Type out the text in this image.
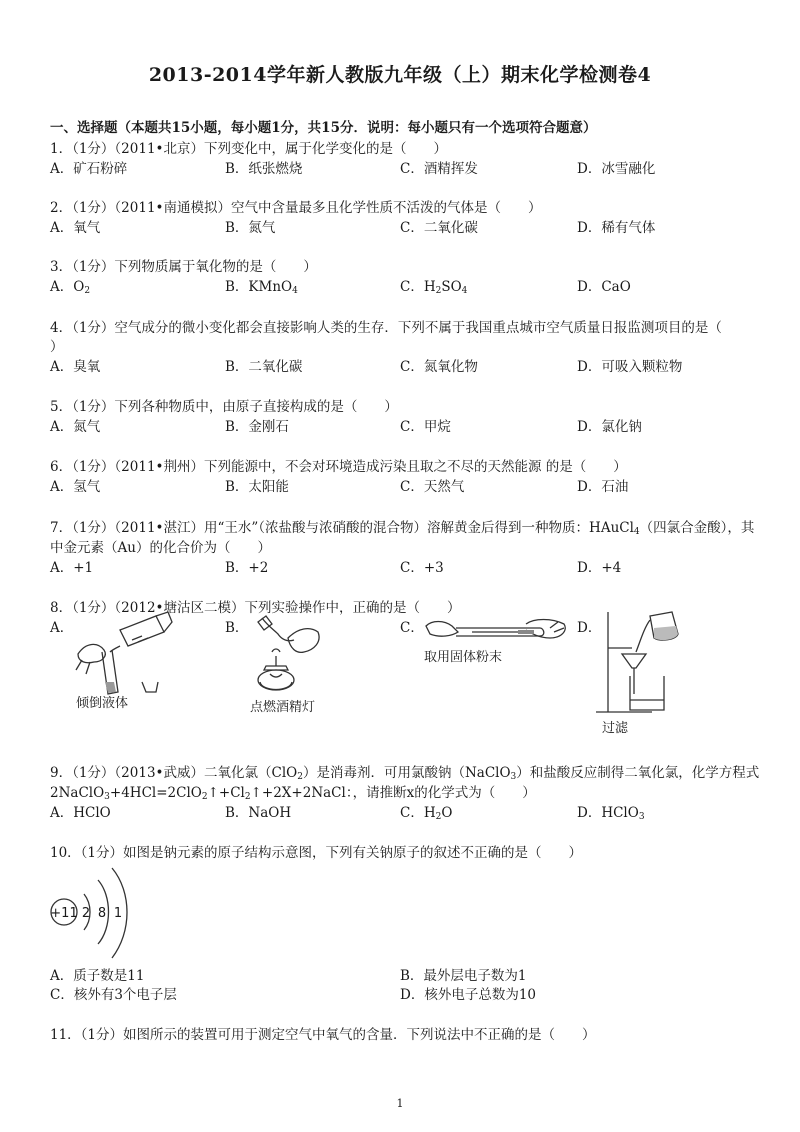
2013-2014学年新人教版九年级（上）期末化学检测卷4
一、选择题（本题共15小题，每小题1分，共15分．说明：每小题只有一个选项符合题意）
1．（1分）（2011•北京）下列变化中，属于化学变化的是（　　）
A．矿石粉碎	B．纸张燃烧	C．酒精挥发	D．冰雪融化
2．（1分）（2011•南通模拟）空气中含量最多且化学性质不活泼的气体是（　　）
A．氧气	B．氮气	C．二氧化碳	D．稀有气体
3．（1分）下列物质属于氧化物的是（　　）
A．$O_2$	B．KMnO$_4$	C．$H_2SO_4$	D．CaO
4．（1分）空气成分的微小变化都会直接影响人类的生存．下列不属于我国重点城市空气质量日报监测项目的是（
）
A．臭氧	B．二氧化碳	C．氮氧化物	D．可吸入颗粒物
5．（1分）下列各种物质中，由原子直接构成的是（　　）
A．氮气	B．金刚石	C．甲烷	D．氯化钠
6．（1分）（2011•荆州）下列能源中，不会对环境造成污染且取之不尽的天然能源 的是（　　）
A．氢气	B．太阳能	C．天然气	D．石油
7．（1分）（2011•湛江）用“王水”（浓盐酸与浓硝酸的混合物）溶解黄金后得到一种物质：HAuCl$_4$（四氯合金酸），其
中金元素（Au）的化合价为（　　）
A．+1	B．+2	C．+3	D．+4
8．（1分）（2012•塘沽区二模）下列实验操作中，正确的是（　　）
A．	B．	C．	D．
倾倒液体	点燃酒精灯
取用固体粉末
过滤
9．（1分）（2013•武威）二氧化氯（ClO$_2$）是消毒剂．可用氯酸钠（NaClO$_3$）和盐酸反应制得二氧化氯，化学方程式
$2NaClO_3+4HCl=2ClO_2↑+Cl_2↑+2X+2NaCl$：，请推断x的化学式为（　　）
A．HClO	B．NaOH	C．$H_2O$	D．HClO$_3$
10．（1分）如图是钠元素的原子结构示意图，下列有关钠原子的叙述不正确的是（　　）
+11 2 8 1
A．质子数是11	B．最外层电子数为1
C．核外有3个电子层	D．核外电子总数为10
11．（1分）如图所示的装置可用于测定空气中氧气的含量．下列说法中不正确的是（　　）
1
